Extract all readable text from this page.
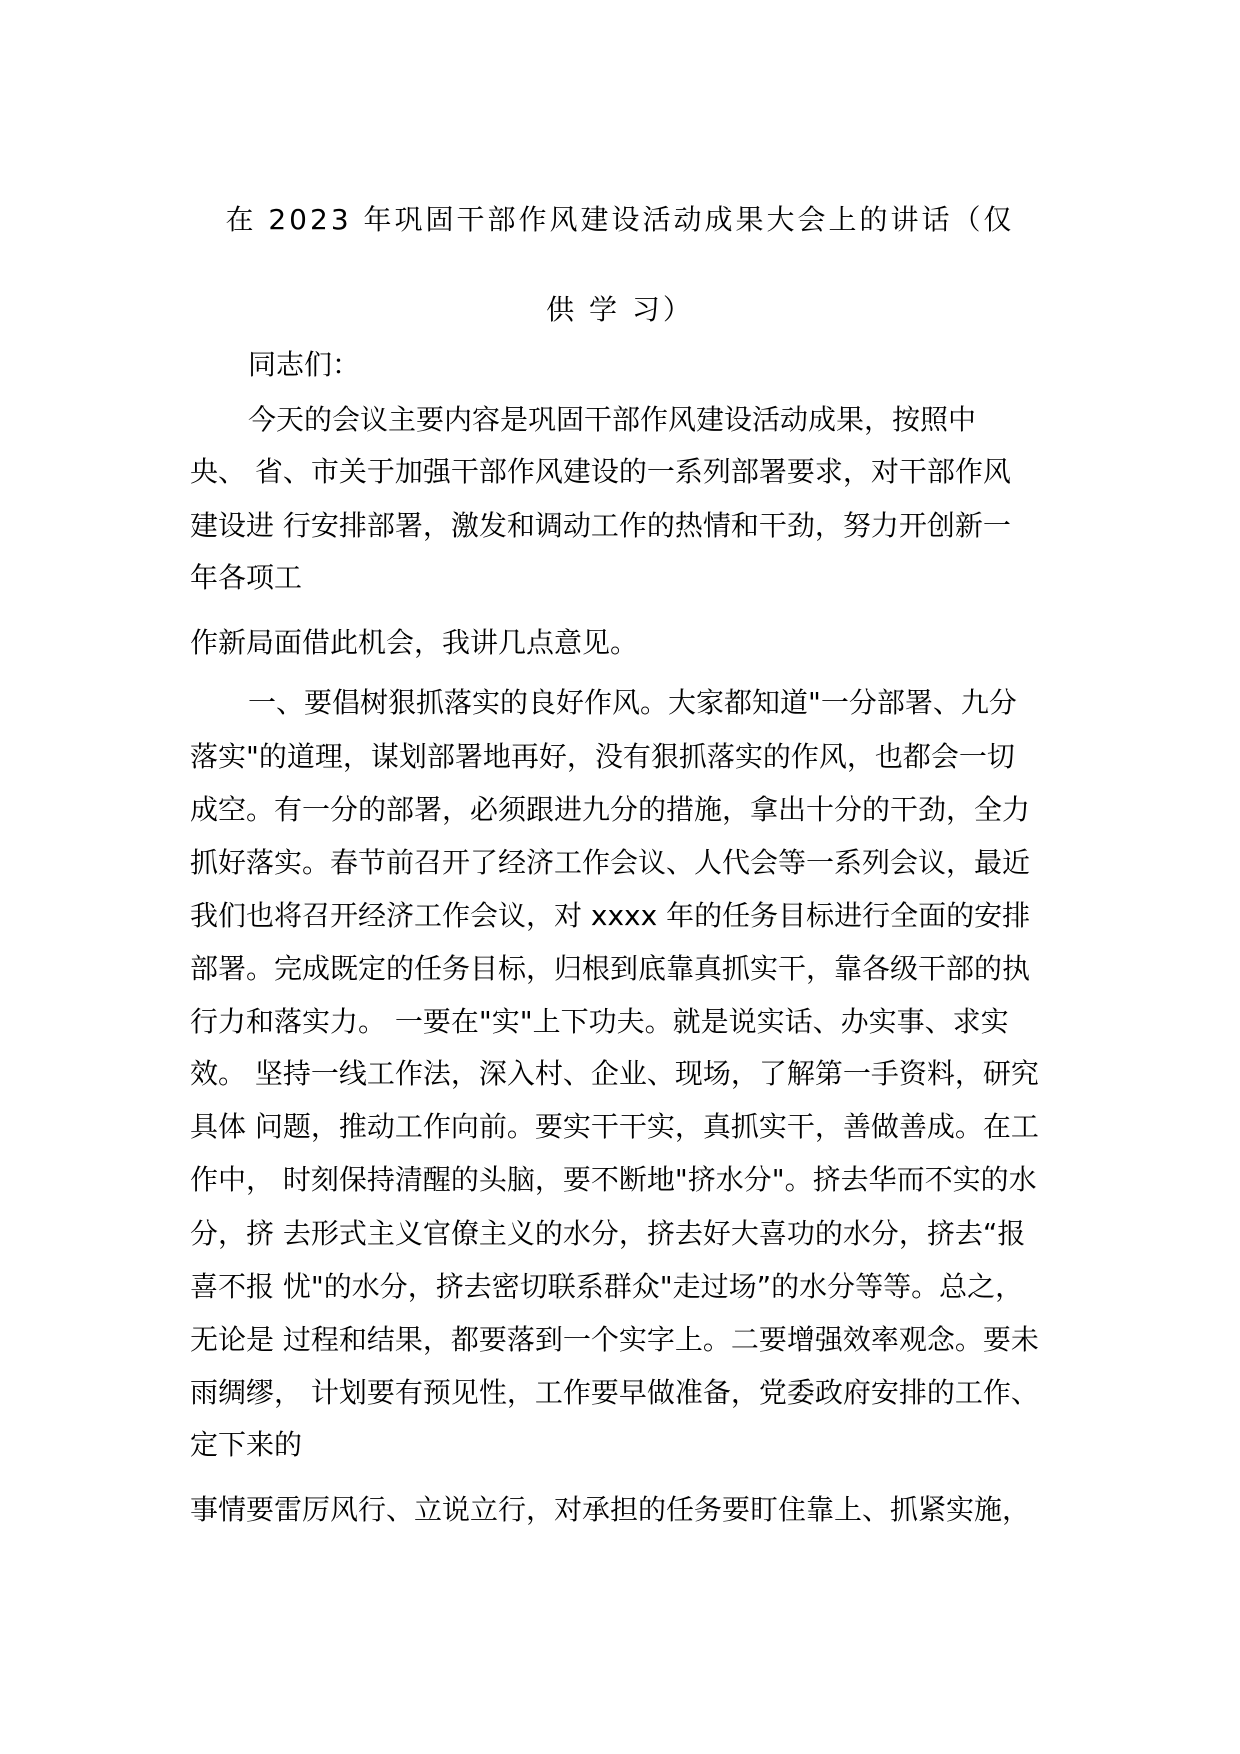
在 2023 年巩固干部作风建设活动成果大会上的讲话（仅
供 学 习）
同志们：
今天的会议主要内容是巩固干部作风建设活动成果，按照中
央、 省、市关于加强干部作风建设的一系列部署要求，对干部作风
建设进 行安排部署，激发和调动工作的热情和干劲，努力开创新一
年各项工
作新局面借此机会，我讲几点意见。
一、要倡树狠抓落实的良好作风。大家都知道"一分部署、九分
落实"的道理，谋划部署地再好，没有狠抓落实的作风，也都会一切
成空。有一分的部署，必须跟进九分的措施，拿出十分的干劲，全力
抓好落实。春节前召开了经济工作会议、人代会等一系列会议，最近
我们也将召开经济工作会议，对 xxxx 年的任务目标进行全面的安排
部署。完成既定的任务目标，归根到底靠真抓实干，靠各级干部的执
行力和落实力。 一要在"实"上下功夫。就是说实话、办实事、求实
效。 坚持一线工作法，深入村、企业、现场，了解第一手资料，研究
具体 问题，推动工作向前。要实干干实，真抓实干，善做善成。在工
作中， 时刻保持清醒的头脑，要不断地"挤水分"。挤去华而不实的水
分，挤 去形式主义官僚主义的水分，挤去好大喜功的水分，挤去“报
喜不报 忧"的水分，挤去密切联系群众"走过场”的水分等等。总之，
无论是 过程和结果，都要落到一个实字上。二要增强效率观念。要未
雨绸缪， 计划要有预见性，工作要早做准备，党委政府安排的工作、
定下来的
事情要雷厉风行、立说立行，对承担的任务要盯住靠上、抓紧实施，
